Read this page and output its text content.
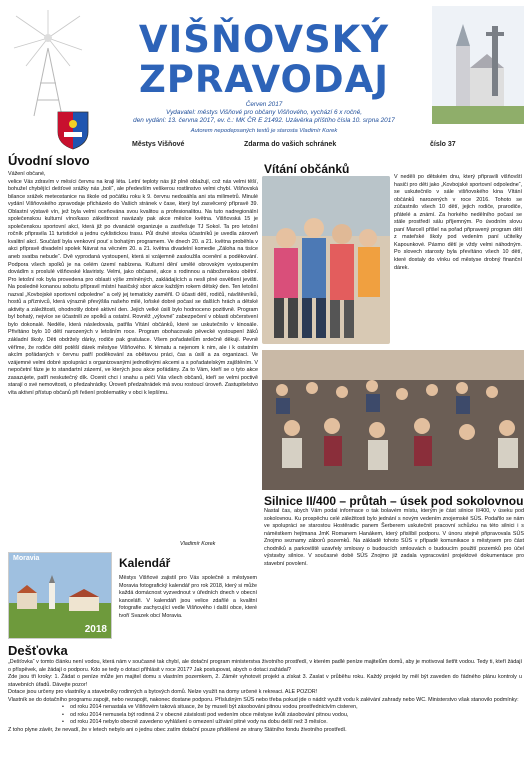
VIŠŇOVSKÝ
ZPRAVODAJ
Červen 2017
Vydavatel: městys Višňové pro občany Višňového, vychází 6 x ročně,
den vydání: 13. června 2017, ev. č.: MK ČR E 21492. Uzávěrka příštího čísla 10. srpna 2017
Autorem nepodepsaných textů je starosta Vladimír Korek
Městys Višňové	Zdarma do vašich schránek	číslo 37
Úvodní slovo

Vážení občané,

velice Vás zdravím v měsíci červnu na kraji léta. Letní teploty nás již plně oblažují, což nás velmi těší, bohužel chybějící dešťové srážky nás „bolí“, ale především veškerou rostlinstvo velmi chybí. Višňovská bilance srážek meteostanice na škole od počátku roku k 9. červnu nedosáhla ani sta milimetrů. Minulé vydání Višňovského zpravodaje přicházelo do Vašich stránek v čase, který byl zasvěcený přípravě 39. Oblastní výstavě vín, jež byla velmi oceňována svou kvalitou a profesionalitou. Na tuto nadregionální společenskou kulturní víno/kaso zákeštnost navázaly pak akce měsíce května. Višňovská 15 je společenskou sportovní akcí, která již po dvanácté organizuje a zastřešuje TJ Sokol. Ta pro letošní ročník připravila 11 turistické a jednu cyklistickou trasu. Půl druhé stovka účastníků je uvedla zároveň kvalitní akcí. Součástí byla venkovní pouť s bohatým programem. Ve dnech 20. a 21. května proběhla v akci přípravě divadelní spolek Návrat na věcném 20. a 21. května divadelní komedie „Záloha na tisíce aneb svatba nebude“. Dvě vyprodaná vystoupení, která si vzájemně zasloužila ocenění a poděkování. Podpora všech spolků je na celém území nabízena. Kulturní dění umělé obrovským vystoupením dovádím s proslulé višňovské klaviristy. Velmi, jako občasné, akce s rodinnou a náboženskou obětní. Pro letošní rok byla provedena pro oblasti výše zmíněných, zakládajících a nesli plné osvětlení jevišti. Na posledně konanou sobotu přípravil místní hasičský sbor akce každým rokem dětský den. Ten letošní nazval „Kovbojské sportovní odpoledne“ a celý jej tematicky zaměřil. O účasti dětí, rodičů, návštěvníků, hostů a příznivců, která výrazně převýšila našeho milé, loňské dobré počasí se dalších hrách a dětské aktivity a záležitosti, ohodnotily dobré aktivní den. Jejich velké úsilí bylo hodnoceno pozitivně. Program byl bohatý, nejvíce se účastnili ze spolků a ostatní. Rovněž „výlovné“ zabezpečení v oblasti občerstvení bylo dokonalé. Neděle, která následovala, patřila Vítání občánků, které se uskutečnilo v kinosále. Přivítáno bylo 10 dětí narozených v letošním roce. Program obohacovalo pěvecké vystoupení žáků základní školy. Děti obdržely dárky, rodiče pak gratulace. Všem pořadatelům srdečně děkuji. Pevně věříme, že rodiče dětí potěší dárek městyse Višňového. K tématu a nejenom k nim, ale i k ostatním akcím pořádaných v červnu patří poděkování za obětavou práci, čas a úsilí a za organizaci. Ve vzájemné velmi dobré spolupráci s organizovanými jednotlivými akcemi a s pořadatelským zajištěním. V nepočetní fáze je to standartní zázemí, ve kterých jsou akce pořádány. Za to Vám, kteří se o tyto akce zasazujete, patří neskutečný dík. Ocenit chci i snahu a péči Vás všech občanů, kteří se velmi poctivě starají o své nemovitosti, o předzahrádky. Úroveň předzahrádek má svou rostoucí úroveň. Zastupitelstvo víta aktivní přístup občanů při řešení problematiky v obci k lepšímu.

Vladimír Korek
Vítání občánků
V neděli po dětském dnu, který připravili višňovští hasiči pro děti jako „Kovbojské sportovní odpoledne“, se uskutečnilo v sále višňovského kina Vítání občánků narozených v roce 2016. Tohoto se zúčastnilo všech 10 dětí, jejich rodiče, prarodiče, přátelé a známí. Za horkého nedělního počasí se stále prostředí sálu příjemným. Po úvodním slovu paní Marcelí přišel na pořad připravený program dětí z mateřské školy pod vedením paní učitelky Kapounkové. Pásmo dětí je vždy velmi náhodným. Po slovech starosty byla převítáno všech 10 dětí, které dostaly do vínku od městyse drobný finanční dárek.
Silnice II/400 – průtah – úsek pod sokolovnou
Nastal čas, abych Vám podal informace o tak bolavém místu, kterým je část silnice II/400, v úseku pod sokolovnou. Ku prospěchu celé záležitosti bylo jednání s novým vedením znojemské SÚS. Podařilo se nám ve spolupráci se starostou Hostěradic panem Šerberem uskutečnit pracovní schůzku na této silnici i s náměstkem hejtmana JmK Romanem Hanákem, který přislíbil podporu. V únoru stejně připravovala SÚS Znojmo seznamy záborů pozemků. Na základě tohoto SÚS v případě komunikace s městysem pro část chodníků a parkoviště uzavřely smlouvy o budoucích smlouvách o budoucím použití pozemků pro účel výstavby silnice. V současné době SÚS Znojmo již zadala vypracování projektové dokumentace pro stavební povolení.
Moravia
2018
Kalendář
Městys Višňové zajistil pro Vás společně s městysem Moravia fotografický kalendář pro rok 2018, který si může každá domácnost vyzvednout v úředních dnech v obecní kanceláři. V kalendáři jsou velice zdařilé a kvalitní fotografie zachycující vedle Višňového i další obce, které tvoří Svazek obcí Moravia.
Dešťovka

„Dešťovka“ v tomto článku není vodou, která nám v současné tak chybí, ale dotační program ministerstva životního prostředí, v kterém padlé peníze majitelům domů, aby je motivoval šetřit vodou. Tedy ti, kteří žádají o příspěvek, ale žádají o podporu. Kdo se tedy o dotaci přihlásit v roce 2017? Jak postupovat, abych o dotaci zažádal?

Zde jsou tři kroky: 1. Žádat o peníze může jen majitel domu s vlastním pozemkem, 2. Záměr vyhotovit projekt a získat 3. Zaslat v průběhu roku. Každý projekt by měl být zaveden do řádného plánu kontroly u stavebních úřadů. Dávejte pozor!

Dotace jsou určeny pro vlastníky a stavebníky rodinných a bytových domů. Nelze využít na domy určené k rekreaci. ALE POZOR!

Vlastník se do dotačního programu zapojit, nebo nezapojit, nakonec dostane podporu. Příslušným SÚS nebo třeba pokud jde o nádrž využít vodu k zalévání zahrady nebo WC. Ministerstvo však stanovilo podmínky:

• od roku 2014 nenastala ve Višňovém taková situace, že by museli být zásobováni pitnou vodou prostřednictvím cisteren,
• od roku 2014 nemusela být rodinná 2 v obecné závislosti pod vedením obce městyse kvůli zásobování pitnou vodou,
• od roku 2014 nebylo obecně zavedeno vyhlášení o omezení užívání pitné vody na dobu delší než 3 měsíce.

Z toho plyne závěr, že nevadí, že v letech nebylo ani o jednu obec zatím dotační pouze přidělené ze strany Státního fondu životního prostředí.
